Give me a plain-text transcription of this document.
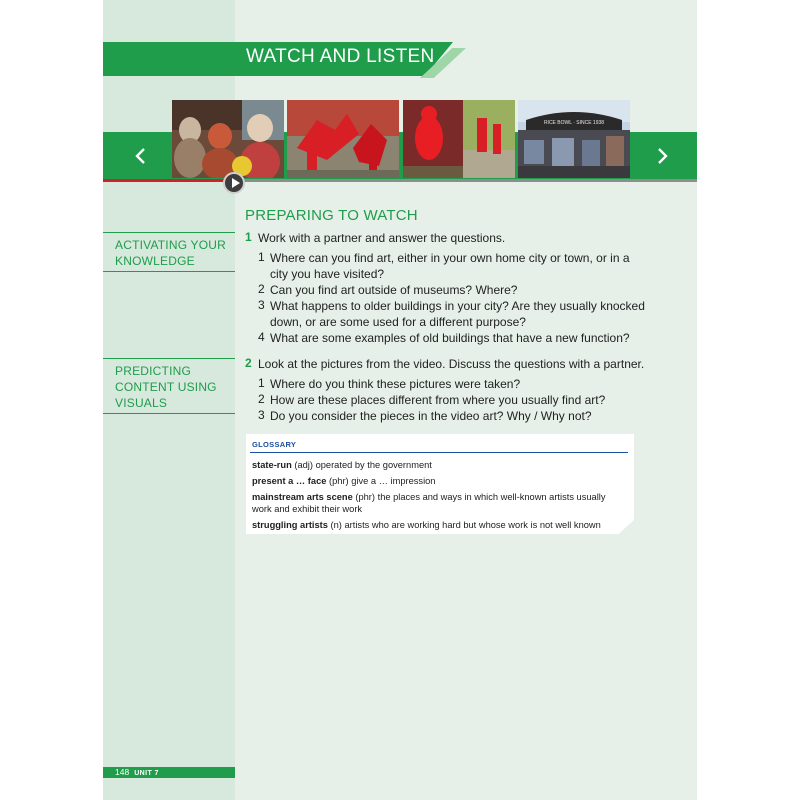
WATCH AND LISTEN
RICE BOWL · SINCE 1938
ACTIVATING YOUR
KNOWLEDGE
PREDICTING
CONTENT USING
VISUALS
PREPARING TO WATCH
1 Work with a partner and answer the questions.
1 Where can you find art, either in your own home city or town, or in a
city you have visited?
2 Can you find art outside of museums? Where?
3 What happens to older buildings in your city? Are they usually knocked
down, or are some used for a different purpose?
4 What are some examples of old buildings that have a new function?
2 Look at the pictures from the video. Discuss the questions with a partner.
1 Where do you think these pictures were taken?
2 How are these places different from where you usually find art?
3 Do you consider the pieces in the video art? Why / Why not?
GLOSSARY
state-run (adj) operated by the government
present a … face (phr) give a … impression
mainstream arts scene (phr) the places and ways in which well-known artists usually
work and exhibit their work
struggling artists (n) artists who are working hard but whose work is not well known
148 UNIT 7
